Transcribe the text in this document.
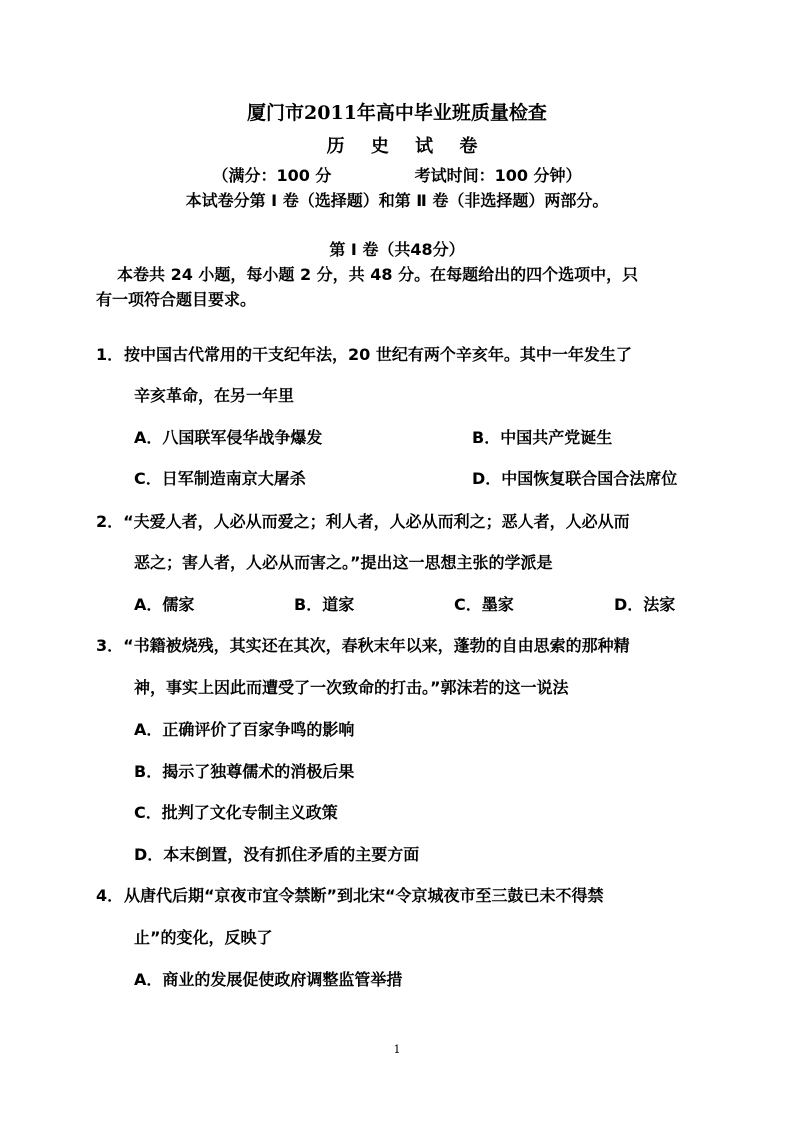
厦门市2011年高中毕业班质量检查
历 史 试 卷
（满分：100 分	考试时间：100 分钟）
本试卷分第 Ⅰ 卷（选择题）和第 Ⅱ 卷（非选择题）两部分。
第 Ⅰ 卷（共48分）
本卷共 24 小题，每小题 2 分，共 48 分。在每题给出的四个选项中，只
有一项符合题目要求。
1．按中国古代常用的干支纪年法，20 世纪有两个辛亥年。其中一年发生了
辛亥革命，在另一年里
A．八国联军侵华战争爆发	B．中国共产党诞生
C．日军制造南京大屠杀	D．中国恢复联合国合法席位
2．“夫爱人者，人必从而爱之；利人者，人必从而利之；恶人者，人必从而
恶之；害人者，人必从而害之。”提出这一思想主张的学派是
A．儒家	B．道家	C．墨家	D．法家
3．“书籍被烧残，其实还在其次，春秋末年以来，蓬勃的自由思索的那种精
神，事实上因此而遭受了一次致命的打击。”郭沫若的这一说法
A．正确评价了百家争鸣的影响
B．揭示了独尊儒术的消极后果
C．批判了文化专制主义政策
D．本末倒置，没有抓住矛盾的主要方面
4．从唐代后期“京夜市宜令禁断”到北宋“令京城夜市至三鼓已未不得禁
止”的变化，反映了
A．商业的发展促使政府调整监管举措
1
